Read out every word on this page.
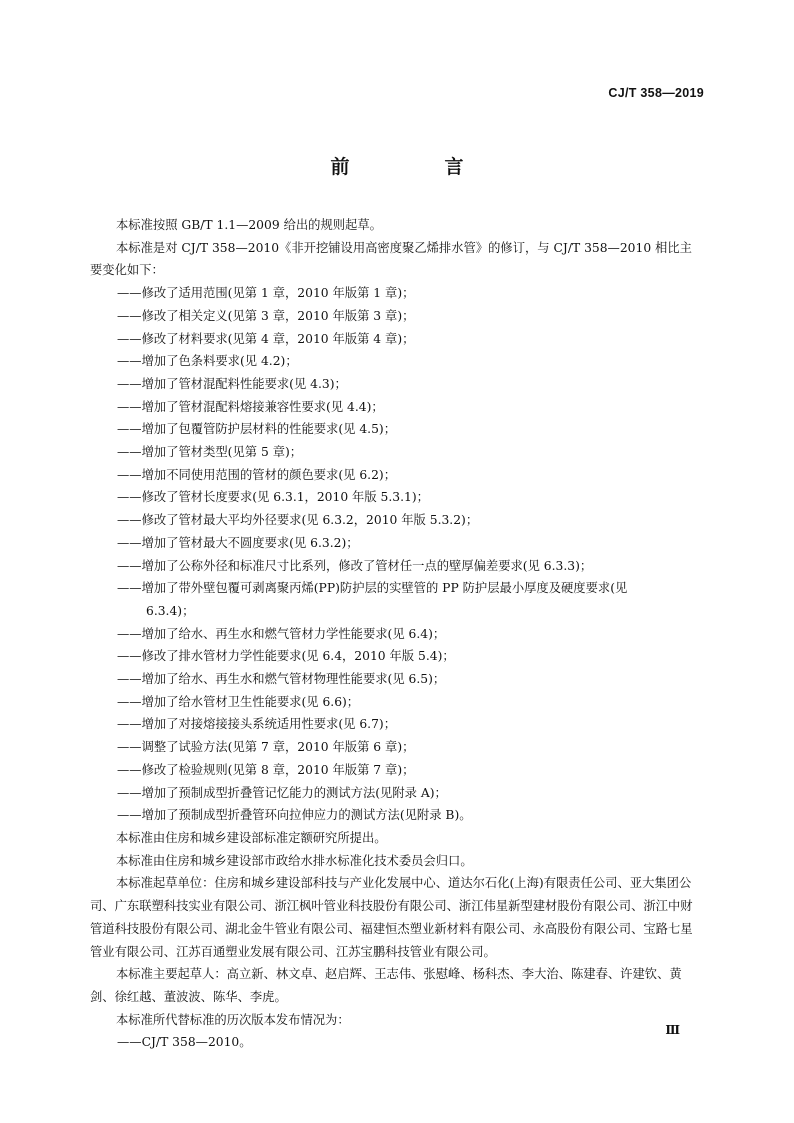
CJ/T 358—2019
前　言

本标准按照 GB/T 1.1—2009 给出的规则起草。

本标准是对 CJ/T 358—2010《非开挖铺设用高密度聚乙烯排水管》的修订，与 CJ/T 358—2010 相比主要变化如下：

——修改了适用范围(见第 1 章，2010 年版第 1 章)；

——修改了相关定义(见第 3 章，2010 年版第 3 章)；

——修改了材料要求(见第 4 章，2010 年版第 4 章)；

——增加了色条料要求(见 4.2)；

——增加了管材混配料性能要求(见 4.3)；

——增加了管材混配料熔接兼容性要求(见 4.4)；

——增加了包覆管防护层材料的性能要求(见 4.5)；

——增加了管材类型(见第 5 章)；

——增加不同使用范围的管材的颜色要求(见 6.2)；

——修改了管材长度要求(见 6.3.1，2010 年版 5.3.1)；

——修改了管材最大平均外径要求(见 6.3.2，2010 年版 5.3.2)；

——增加了管材最大不圆度要求(见 6.3.2)；

——增加了公称外径和标准尺寸比系列，修改了管材任一点的壁厚偏差要求(见 6.3.3)；

——增加了带外壁包覆可剥离聚丙烯(PP)防护层的实壁管的 PP 防护层最小厚度及硬度要求(见

6.3.4)；

——增加了给水、再生水和燃气管材力学性能要求(见 6.4)；

——修改了排水管材力学性能要求(见 6.4，2010 年版 5.4)；

——增加了给水、再生水和燃气管材物理性能要求(见 6.5)；

——增加了给水管材卫生性能要求(见 6.6)；

——增加了对接熔接接头系统适用性要求(见 6.7)；

——调整了试验方法(见第 7 章，2010 年版第 6 章)；

——修改了检验规则(见第 8 章，2010 年版第 7 章)；

——增加了预制成型折叠管记忆能力的测试方法(见附录 A)；

——增加了预制成型折叠管环向拉伸应力的测试方法(见附录 B)。

本标准由住房和城乡建设部标准定额研究所提出。

本标准由住房和城乡建设部市政给水排水标准化技术委员会归口。

本标准起草单位：住房和城乡建设部科技与产业化发展中心、道达尔石化(上海)有限责任公司、亚大集团公司、广东联塑科技实业有限公司、浙江枫叶管业科技股份有限公司、浙江伟星新型建材股份有限公司、浙江中财管道科技股份有限公司、湖北金牛管业有限公司、福建恒杰塑业新材料有限公司、永高股份有限公司、宝路七星管业有限公司、江苏百通塑业发展有限公司、江苏宝鹏科技管业有限公司。

本标准主要起草人：高立新、林文卓、赵启辉、王志伟、张慰峰、杨科杰、李大治、陈建春、许建钦、黄剑、徐红越、董波波、陈华、李虎。

本标准所代替标准的历次版本发布情况为：

——CJ/T 358—2010。

Ⅲ
